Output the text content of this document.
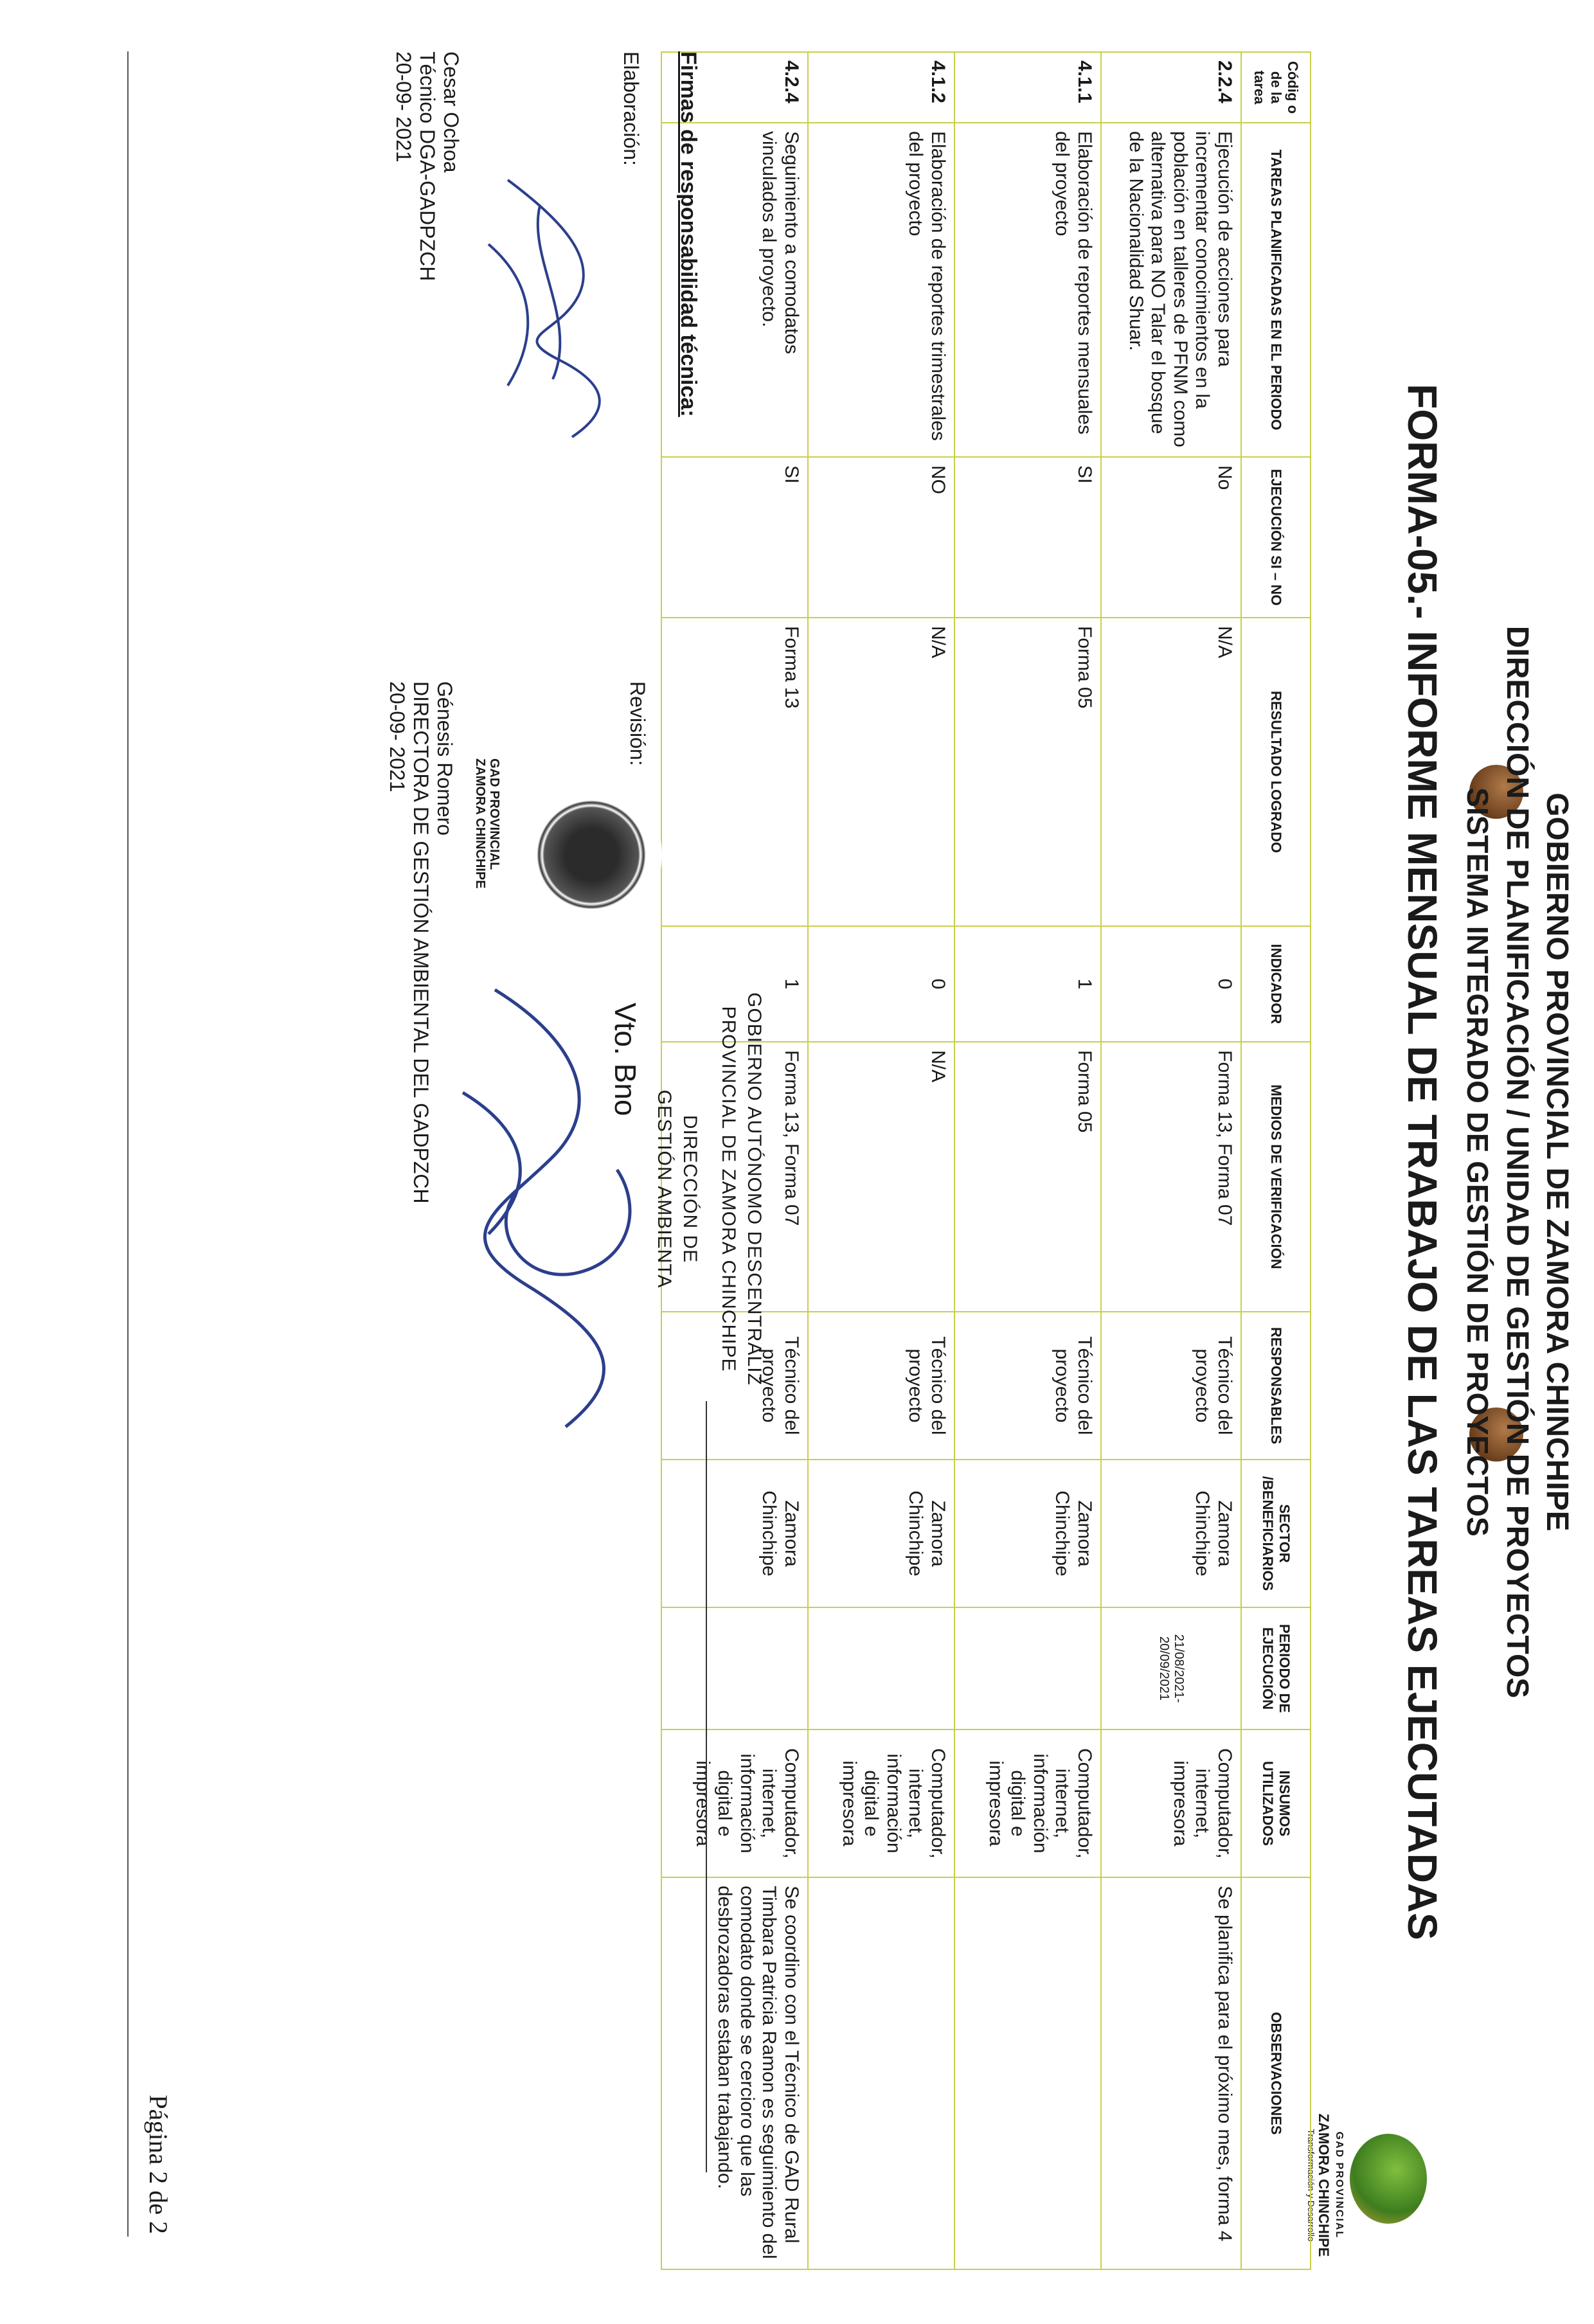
GOBIERNO PROVINCIAL DE ZAMORA CHINCHIPE
DIRECCIÓN DE PLANIFICACIÓN / UNIDAD DE GESTIÓN DE PROYECTOS
SISTEMA INTEGRADO DE GESTIÓN DE PROYECTOS
FORMA-05.- INFORME MENSUAL DE TRABAJO DE LAS TAREAS EJECUTADAS
GAD PROVINCIAL
ZAMORA CHINCHIPE
Transformación y Desarrollo
Códig o de la tarea	TAREAS PLANIFICADAS EN EL PERIODO	EJECUCIÓN SI – NO	RESULTADO LOGRADO	INDICADOR	MEDIOS DE VERIFICACIÓN	RESPONSABLES	SECTOR /BENEFICIARIOS	PERIODO DE EJECUCIÓN	INSUMOS UTILIZADOS	OBSERVACIONES
2.2.4	Ejecución de acciones para incrementar conocimientos en la población en talleres de PFNM como alternativa para NO Talar el bosque de la Nacionalidad Shuar.	No	N/A	0	Forma 13, Forma 07	Técnico del proyecto	Zamora Chinchipe	21/08/2021-20/09/2021	Computador, internet, impresora	Se planifica para el próximo mes, forma 4
4.1.1	Elaboración de reportes mensuales del proyecto	SI	Forma 05	1	Forma 05	Técnico del proyecto	Zamora Chinchipe		Computador, internet, información digital e impresora	
4.1.2	Elaboración de reportes trimestrales del proyecto	NO	N/A	0	N/A	Técnico del proyecto	Zamora Chinchipe		Computador, internet, información digital e impresora	
4.2.4	Seguimiento a comodatos vinculados al proyecto.	SI	Forma 13	1	Forma 13, Forma 07	Técnico del proyecto	Zamora Chinchipe		Computador, internet, información digital e impresora	Se coordino con el Técnico de GAD Rural Timbara Patricia Ramon es seguimiento del comodato donde se cercioro que las desbrozadoras estaban trabajando.
Firmas de responsabilidad técnica:
Elaboración:
Cesar Ochoa
Técnico DGA-GADPZCH
20-09- 2021
Revisión:
GAD PROVINCIAL
ZAMORA CHINCHIPE
Génesis Romero
DIRECTORA DE GESTIÓN AMBIENTAL DEL GADPZCH
20-09- 2021
GOBIERNO AUTÓNOMO DESCENTRALIZ
PROVINCIAL DE ZAMORA CHINCHIPE
DIRECCIÓN DE
GESTIÓN AMBIENTA
Vto. Bno
Página 2 de 2
